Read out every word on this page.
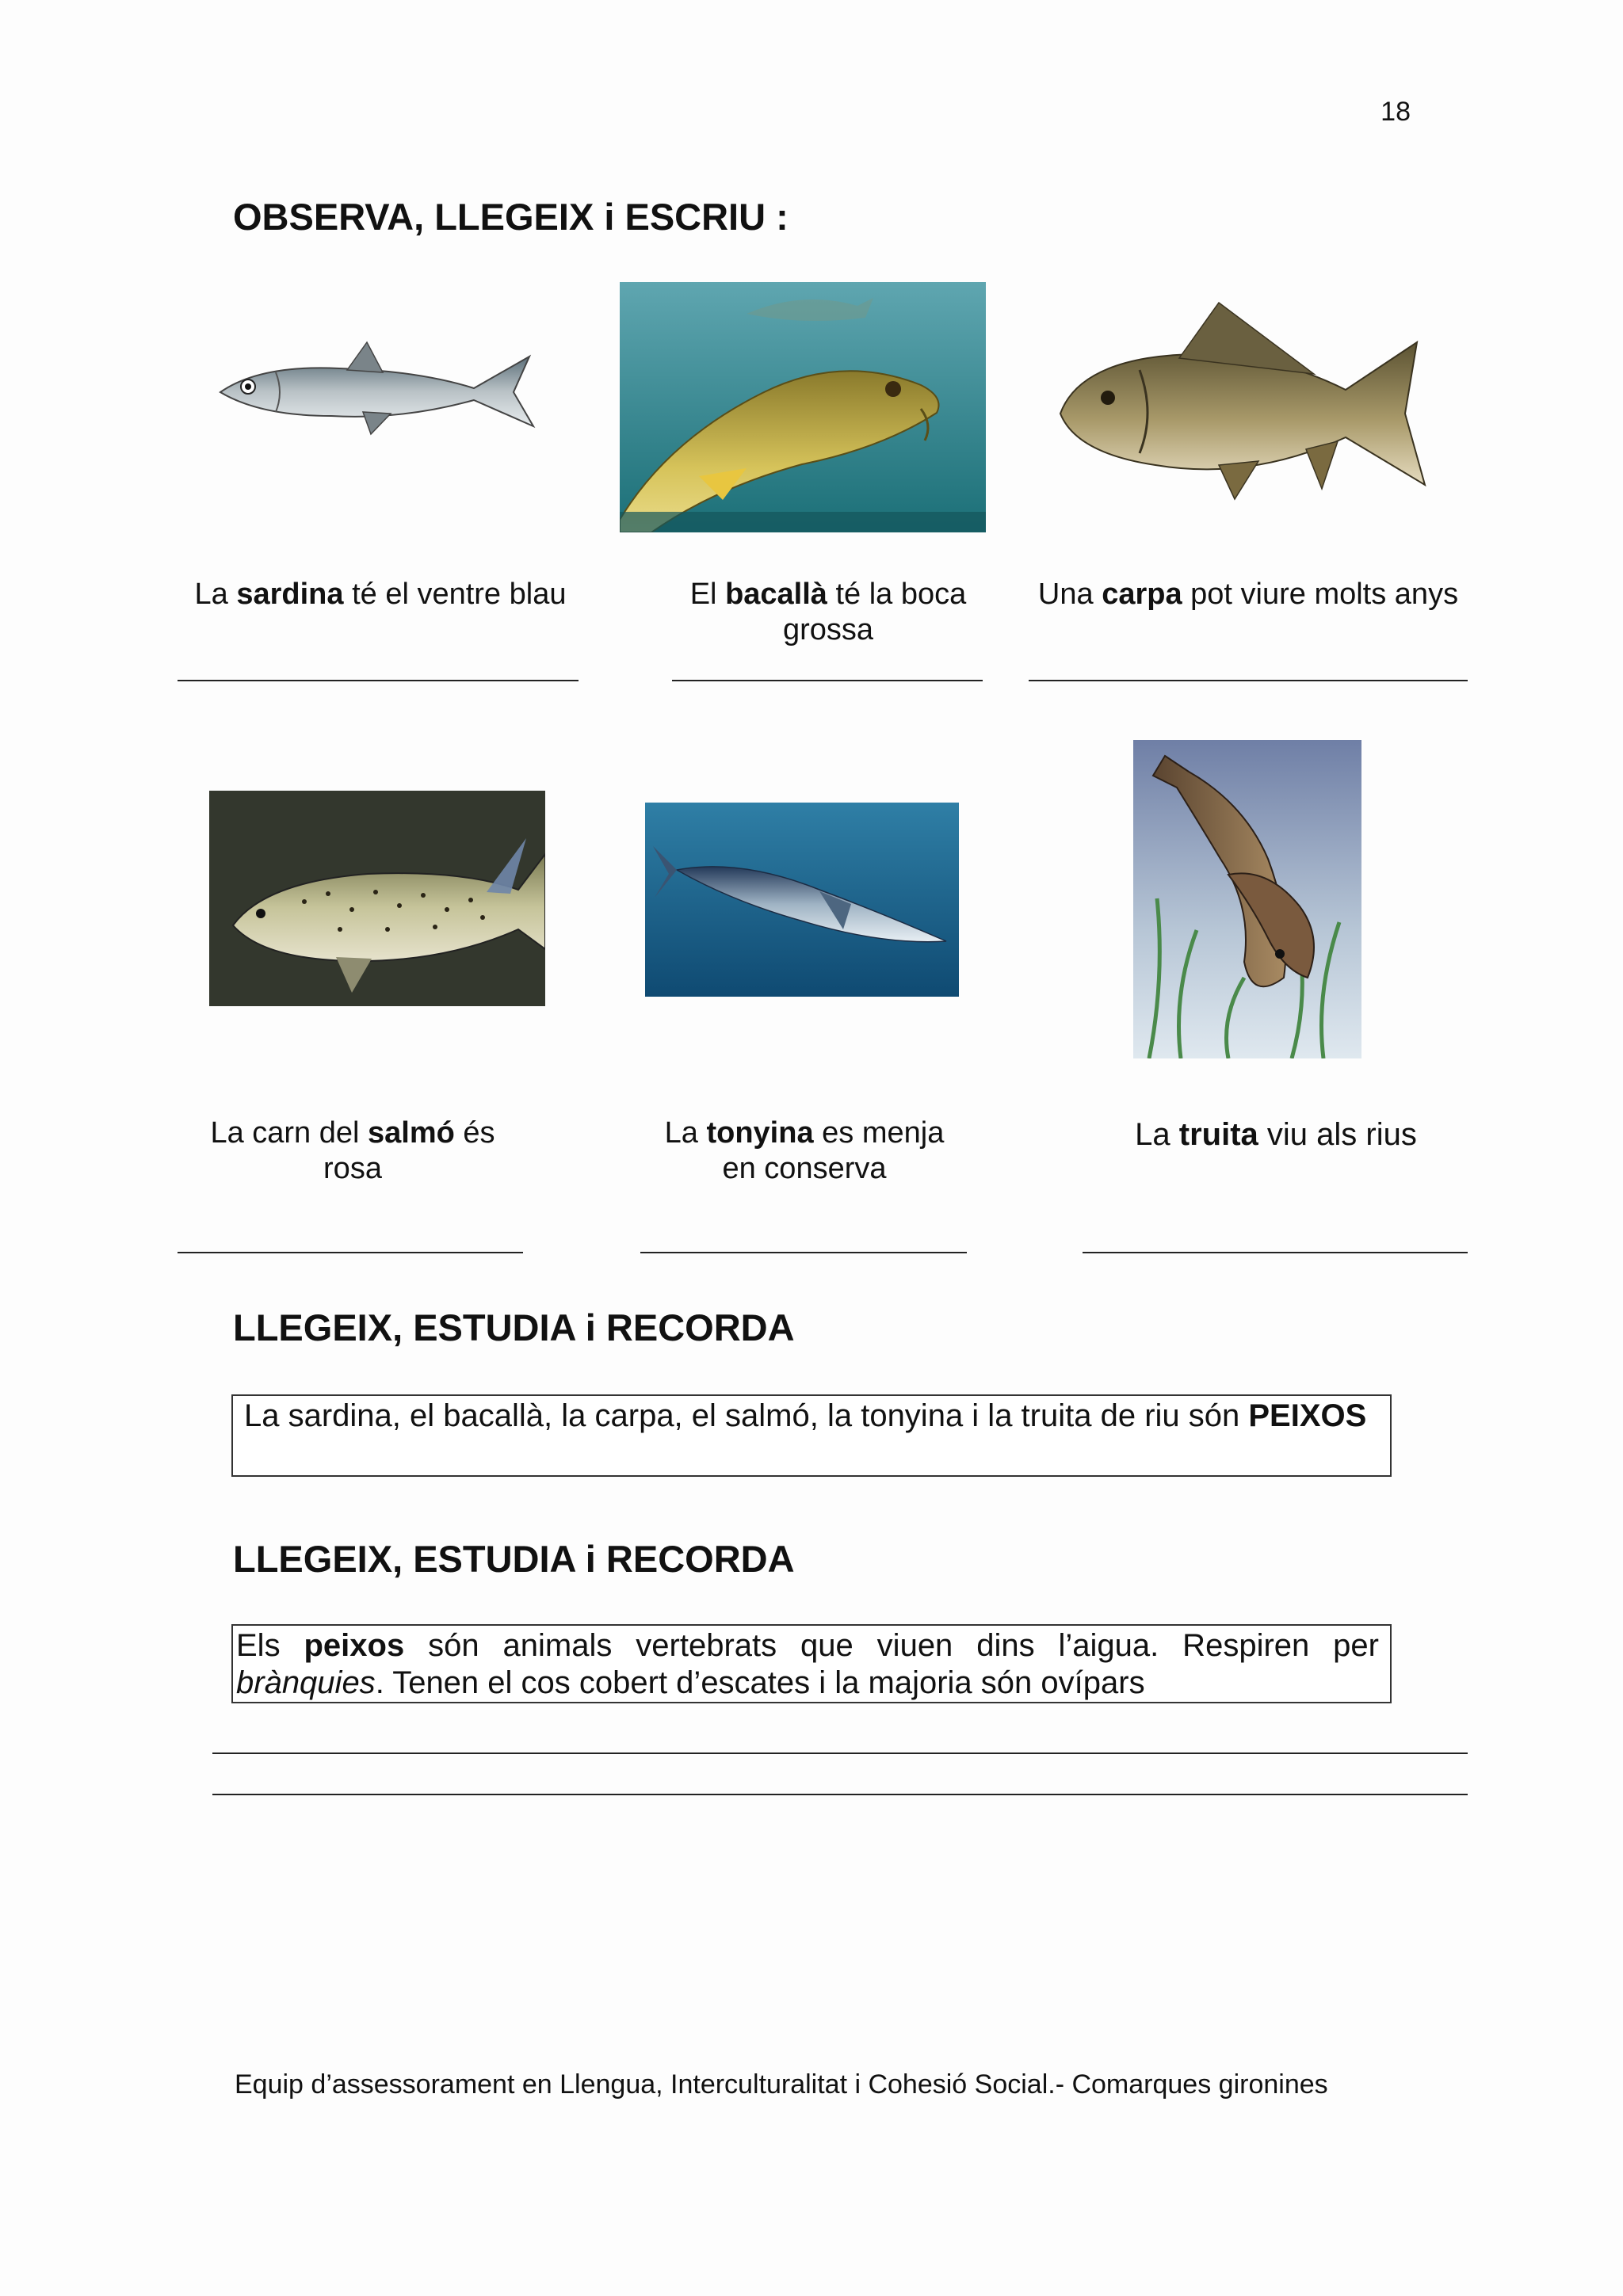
18
OBSERVA, LLEGEIX i ESCRIU :
La sardina té el ventre blau	El bacallà té la boca grossa
Una carpa pot viure molts anys
La carn del salmó és rosa
La tonyina es menja en conserva
La truita viu als rius
LLEGEIX, ESTUDIA i RECORDA
La sardina, el bacallà, la carpa, el salmó, la tonyina i la truita de riu són PEIXOS
LLEGEIX, ESTUDIA i RECORDA
Els peixos són animals vertebrats que viuen dins l’aigua. Respiren per brànquies. Tenen el cos cobert d’escates i la majoria són ovípars
Equip d’assessorament en Llengua, Interculturalitat i Cohesió Social.- Comarques gironines
